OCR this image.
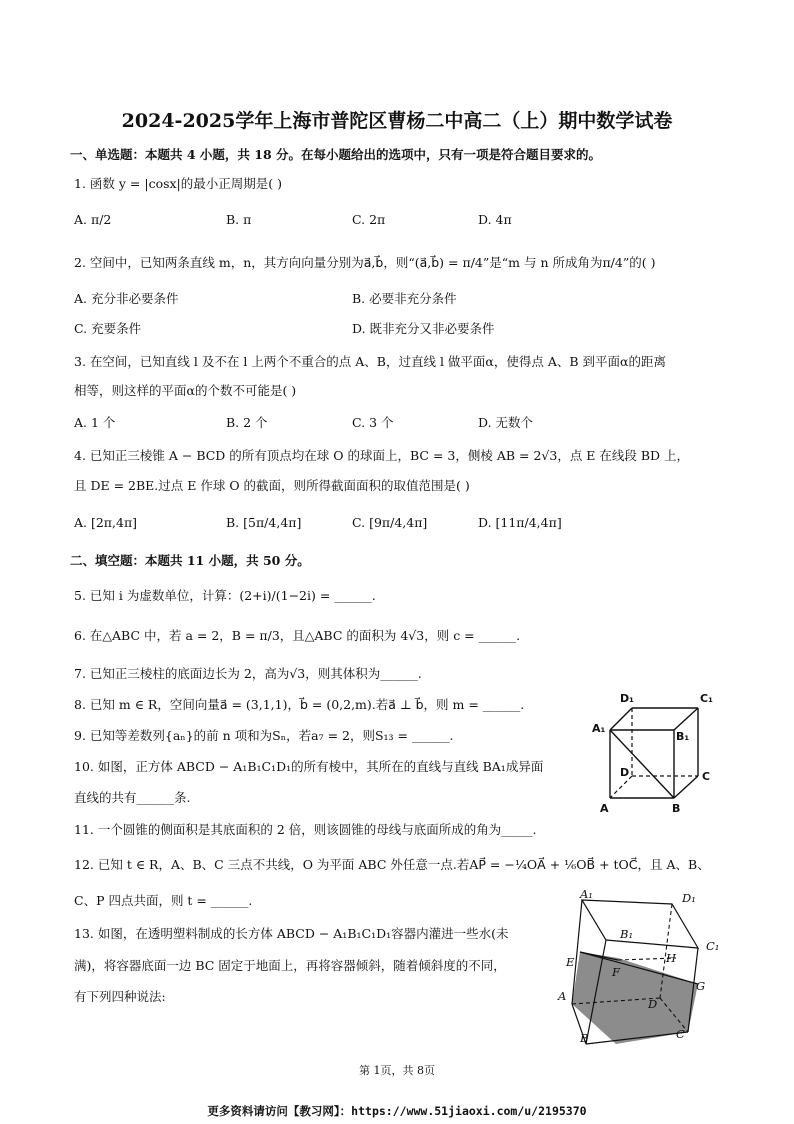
2024-2025学年上海市普陀区曹杨二中高二（上）期中数学试卷
一、单选题：本题共 4 小题，共 18 分。在每小题给出的选项中，只有一项是符合题目要求的。
1. 函数 y = |cosx|的最小正周期是( )
A. π/2	B. π	C. 2π	D. 4π
2. 空间中，已知两条直线 m，n，其方向向量分别为a⃗,b⃗，则“(a⃗,b⃗) = π/4”是“m 与 n 所成角为π/4”的( )
A. 充分非必要条件	B. 必要非充分条件
C. 充要条件	D. 既非充分又非必要条件
3. 在空间，已知直线 l 及不在 l 上两个不重合的点 A、B，过直线 l 做平面α，使得点 A、B 到平面α的距离
相等，则这样的平面α的个数不可能是( )
A. 1 个	B. 2 个	C. 3 个	D. 无数个
4. 已知正三棱锥 A − BCD 的所有顶点均在球 O 的球面上，BC = 3，侧棱 AB = 2√3，点 E 在线段 BD 上，
且 DE = 2BE.过点 E 作球 O 的截面，则所得截面面积的取值范围是( )
A. [2π,4π]	B. [5π/4,4π]	C. [9π/4,4π]	D. [11π/4,4π]
二、填空题：本题共 11 小题，共 50 分。
5. 已知 i 为虚数单位，计算：(2+i)/(1−2i) = ______.
6. 在△ABC 中，若 a = 2，B = π/3，且△ABC 的面积为 4√3，则 c = ______.
7. 已知正三棱柱的底面边长为 2，高为√3，则其体积为______.
8. 已知 m ∈ R，空间向量a⃗ = (3,1,1)，b⃗ = (0,2,m).若a⃗ ⊥ b⃗，则 m = ______.
9. 已知等差数列{aₙ}的前 n 项和为Sₙ，若a₇ = 2，则S₁₃ = ______.
10. 如图，正方体 ABCD − A₁B₁C₁D₁的所有棱中，其所在的直线与直线 BA₁成异面
直线的共有______条.
11. 一个圆锥的侧面积是其底面积的 2 倍，则该圆锥的母线与底面所成的角为_____.
12. 已知 t ∈ R，A、B、C 三点不共线，O 为平面 ABC 外任意一点.若AP⃗ = −¼OA⃗ + ⅙OB⃗ + tOC⃗，且 A、B、
C、P 四点共面，则 t = ______.
13. 如图，在透明塑料制成的长方体 ABCD − A₁B₁C₁D₁容器内灌进一些水(未
满)，将容器底面一边 BC 固定于地面上，再将容器倾斜，随着倾斜度的不同，
有下列四种说法:
D₁	C₁
A₁
B₁
D	C
A	B
A₁	D₁
B₁
C₁
E
F
H
G
A
D
B	C
第 1页，共 8页
更多资料请访问【教习网】：https://www.51jiaoxi.com/u/2195370
